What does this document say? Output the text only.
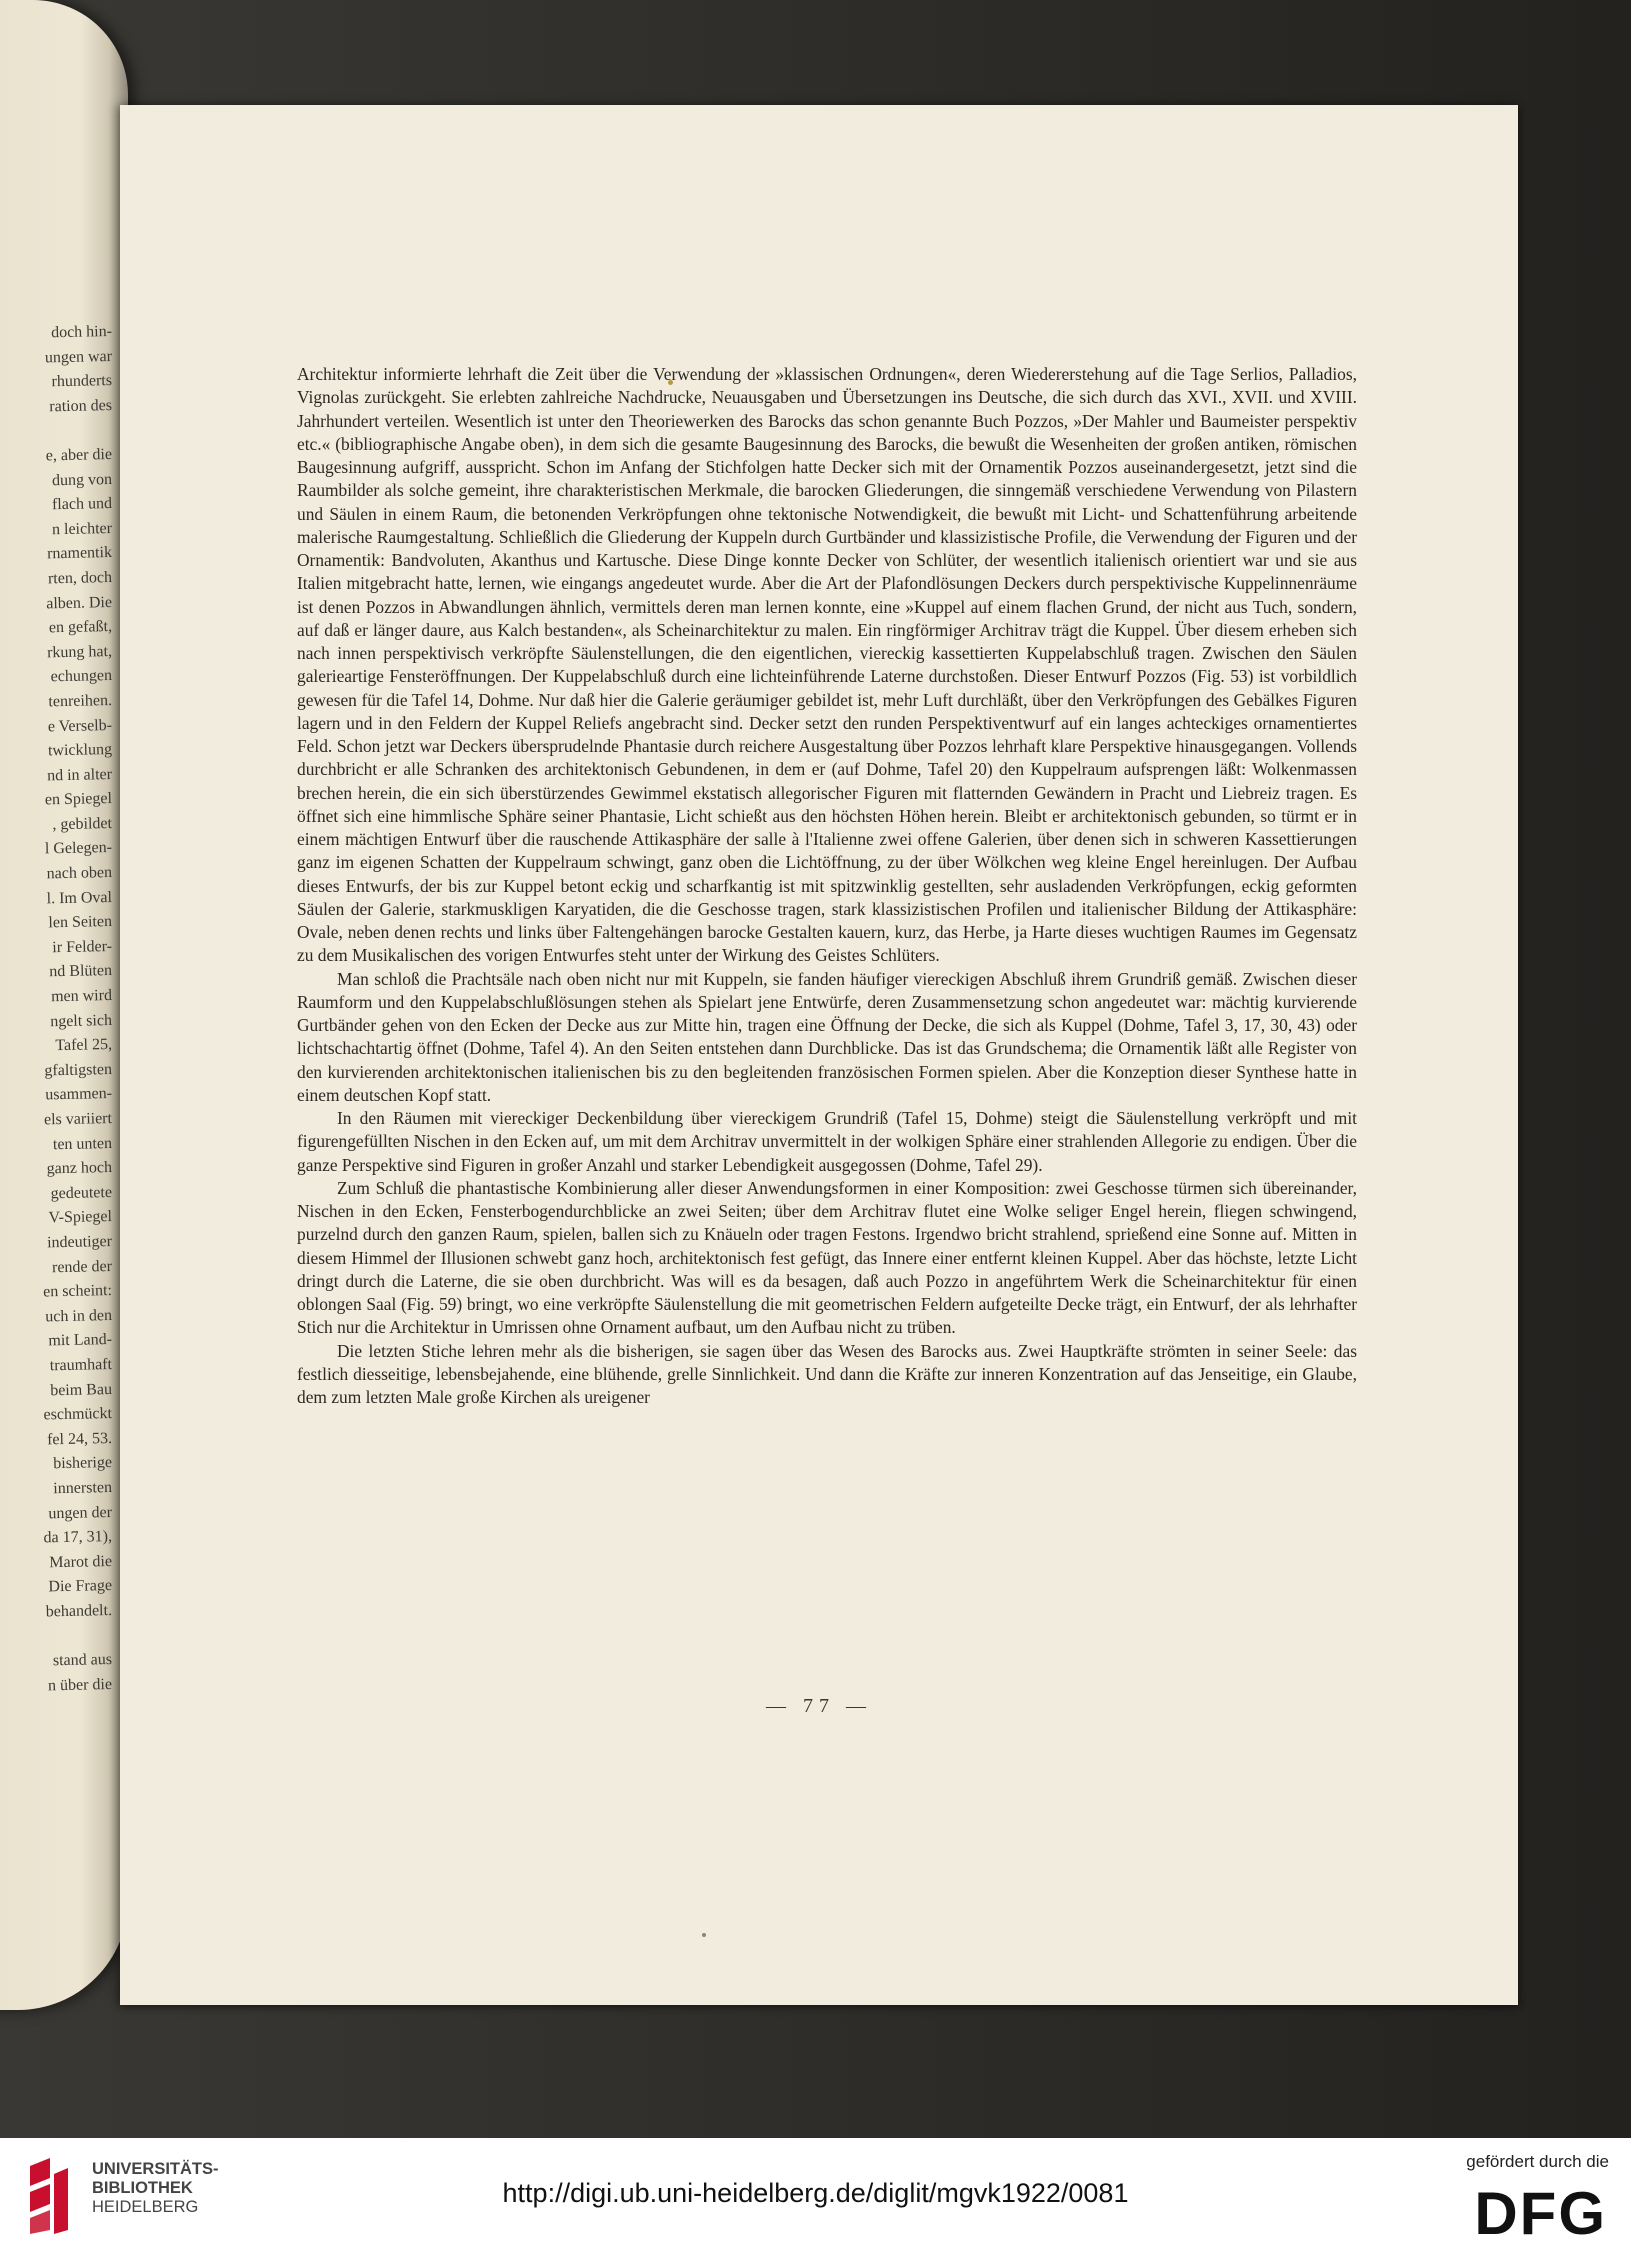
doch hin-
ungen war
rhunderts
ration des

e, aber die
dung von
flach und
n leichter
rnamentik
rten, doch
alben. Die
en gefaßt,
rkung hat,
echungen
tenreihen.
e Verselb-
twicklung
nd in alter
en Spiegel
, gebildet
l Gelegen-
nach oben
l. Im Oval
len Seiten
ir Felder-
nd Blüten
men wird
ngelt sich
Tafel 25,
gfaltigsten
usammen-
els variiert
ten unten
ganz hoch
gedeutete
V-Spiegel
indeutiger
rende der
en scheint:
uch in den
mit Land-
traumhaft
beim Bau
eschmückt
fel 24, 53.
bisherige
innersten
ungen der
da 17, 31),
Marot die
Die Frage
behandelt.

stand aus
n über die

Architektur informierte lehrhaft die Zeit über die Verwendung der »klassischen Ordnungen«, deren Wiedererstehung auf die Tage Serlios, Palladios, Vignolas zurückgeht. Sie erlebten zahlreiche Nachdrucke, Neuausgaben und Übersetzungen ins Deutsche, die sich durch das XVI., XVII. und XVIII. Jahrhundert verteilen. Wesentlich ist unter den Theoriewerken des Barocks das schon genannte Buch Pozzos, »Der Mahler und Baumeister perspektiv etc.« (bibliographische Angabe oben), in dem sich die gesamte Baugesinnung des Barocks, die bewußt die Wesenheiten der großen antiken, römischen Baugesinnung aufgriff, ausspricht. Schon im Anfang der Stichfolgen hatte Decker sich mit der Ornamentik Pozzos auseinandergesetzt, jetzt sind die Raumbilder als solche gemeint, ihre charakteristischen Merkmale, die barocken Gliederungen, die sinngemäß verschiedene Verwendung von Pilastern und Säulen in einem Raum, die betonenden Verkröpfungen ohne tektonische Notwendigkeit, die bewußt mit Licht- und Schattenführung arbeitende malerische Raumgestaltung. Schließlich die Gliederung der Kuppeln durch Gurtbänder und klassizistische Profile, die Verwendung der Figuren und der Ornamentik: Bandvoluten, Akanthus und Kartusche. Diese Dinge konnte Decker von Schlüter, der wesentlich italienisch orientiert war und sie aus Italien mitgebracht hatte, lernen, wie eingangs angedeutet wurde. Aber die Art der Plafondlösungen Deckers durch perspektivische Kuppelinnenräume ist denen Pozzos in Abwandlungen ähnlich, vermittels deren man lernen konnte, eine »Kuppel auf einem flachen Grund, der nicht aus Tuch, sondern, auf daß er länger daure, aus Kalch bestanden«, als Scheinarchitektur zu malen. Ein ringförmiger Architrav trägt die Kuppel. Über diesem erheben sich nach innen perspektivisch verkröpfte Säulenstellungen, die den eigentlichen, viereckig kassettierten Kuppelabschluß tragen. Zwischen den Säulen galerieartige Fensteröffnungen. Der Kuppelabschluß durch eine lichteinführende Laterne durchstoßen. Dieser Entwurf Pozzos (Fig. 53) ist vorbildlich gewesen für die Tafel 14, Dohme. Nur daß hier die Galerie geräumiger gebildet ist, mehr Luft durchläßt, über den Verkröpfungen des Gebälkes Figuren lagern und in den Feldern der Kuppel Reliefs angebracht sind. Decker setzt den runden Perspektiventwurf auf ein langes achteckiges ornamentiertes Feld. Schon jetzt war Deckers übersprudelnde Phantasie durch reichere Ausgestaltung über Pozzos lehrhaft klare Perspektive hinausgegangen. Vollends durchbricht er alle Schranken des architektonisch Gebundenen, in dem er (auf Dohme, Tafel 20) den Kuppelraum aufsprengen läßt: Wolkenmassen brechen herein, die ein sich überstürzendes Gewimmel ekstatisch allegorischer Figuren mit flatternden Gewändern in Pracht und Liebreiz tragen. Es öffnet sich eine himmlische Sphäre seiner Phantasie, Licht schießt aus den höchsten Höhen herein. Bleibt er architektonisch gebunden, so türmt er in einem mächtigen Entwurf über die rauschende Attikasphäre der salle à l'Italienne zwei offene Galerien, über denen sich in schweren Kassettierungen ganz im eigenen Schatten der Kuppelraum schwingt, ganz oben die Lichtöffnung, zu der über Wölkchen weg kleine Engel hereinlugen. Der Aufbau dieses Entwurfs, der bis zur Kuppel betont eckig und scharfkantig ist mit spitzwinklig gestellten, sehr ausladenden Verkröpfungen, eckig geformten Säulen der Galerie, starkmuskligen Karyatiden, die die Geschosse tragen, stark klassizistischen Profilen und italienischer Bildung der Attikasphäre: Ovale, neben denen rechts und links über Faltengehängen barocke Gestalten kauern, kurz, das Herbe, ja Harte dieses wuchtigen Raumes im Gegensatz zu dem Musikalischen des vorigen Entwurfes steht unter der Wirkung des Geistes Schlüters.

Man schloß die Prachtsäle nach oben nicht nur mit Kuppeln, sie fanden häufiger viereckigen Abschluß ihrem Grundriß gemäß. Zwischen dieser Raumform und den Kuppelabschlußlösungen stehen als Spielart jene Entwürfe, deren Zusammensetzung schon angedeutet war: mächtig kurvierende Gurtbänder gehen von den Ecken der Decke aus zur Mitte hin, tragen eine Öffnung der Decke, die sich als Kuppel (Dohme, Tafel 3, 17, 30, 43) oder lichtschachtartig öffnet (Dohme, Tafel 4). An den Seiten entstehen dann Durchblicke. Das ist das Grundschema; die Ornamentik läßt alle Register von den kurvierenden architektonischen italienischen bis zu den begleitenden französischen Formen spielen. Aber die Konzeption dieser Synthese hatte in einem deutschen Kopf statt.

In den Räumen mit viereckiger Deckenbildung über viereckigem Grundriß (Tafel 15, Dohme) steigt die Säulenstellung verkröpft und mit figurengefüllten Nischen in den Ecken auf, um mit dem Architrav unvermittelt in der wolkigen Sphäre einer strahlenden Allegorie zu endigen. Über die ganze Perspektive sind Figuren in großer Anzahl und starker Lebendigkeit ausgegossen (Dohme, Tafel 29).

Zum Schluß die phantastische Kombinierung aller dieser Anwendungsformen in einer Komposition: zwei Geschosse türmen sich übereinander, Nischen in den Ecken, Fensterbogendurchblicke an zwei Seiten; über dem Architrav flutet eine Wolke seliger Engel herein, fliegen schwingend, purzelnd durch den ganzen Raum, spielen, ballen sich zu Knäueln oder tragen Festons. Irgendwo bricht strahlend, sprießend eine Sonne auf. Mitten in diesem Himmel der Illusionen schwebt ganz hoch, architektonisch fest gefügt, das Innere einer entfernt kleinen Kuppel. Aber das höchste, letzte Licht dringt durch die Laterne, die sie oben durchbricht. Was will es da besagen, daß auch Pozzo in angeführtem Werk die Scheinarchitektur für einen oblongen Saal (Fig. 59) bringt, wo eine verkröpfte Säulenstellung die mit geometrischen Feldern aufgeteilte Decke trägt, ein Entwurf, der als lehrhafter Stich nur die Architektur in Umrissen ohne Ornament aufbaut, um den Aufbau nicht zu trüben.

Die letzten Stiche lehren mehr als die bisherigen, sie sagen über das Wesen des Barocks aus. Zwei Hauptkräfte strömten in seiner Seele: das festlich diesseitige, lebensbejahende, eine blühende, grelle Sinnlichkeit. Und dann die Kräfte zur inneren Konzentration auf das Jenseitige, ein Glaube, dem zum letzten Male große Kirchen als ureigener

— 77 —
UNIVERSITÄTS-
BIBLIOTHEK
HEIDELBERG	http://digi.ub.uni-heidelberg.de/diglit/mgvk1922/0081
gefördert durch die
DFG
